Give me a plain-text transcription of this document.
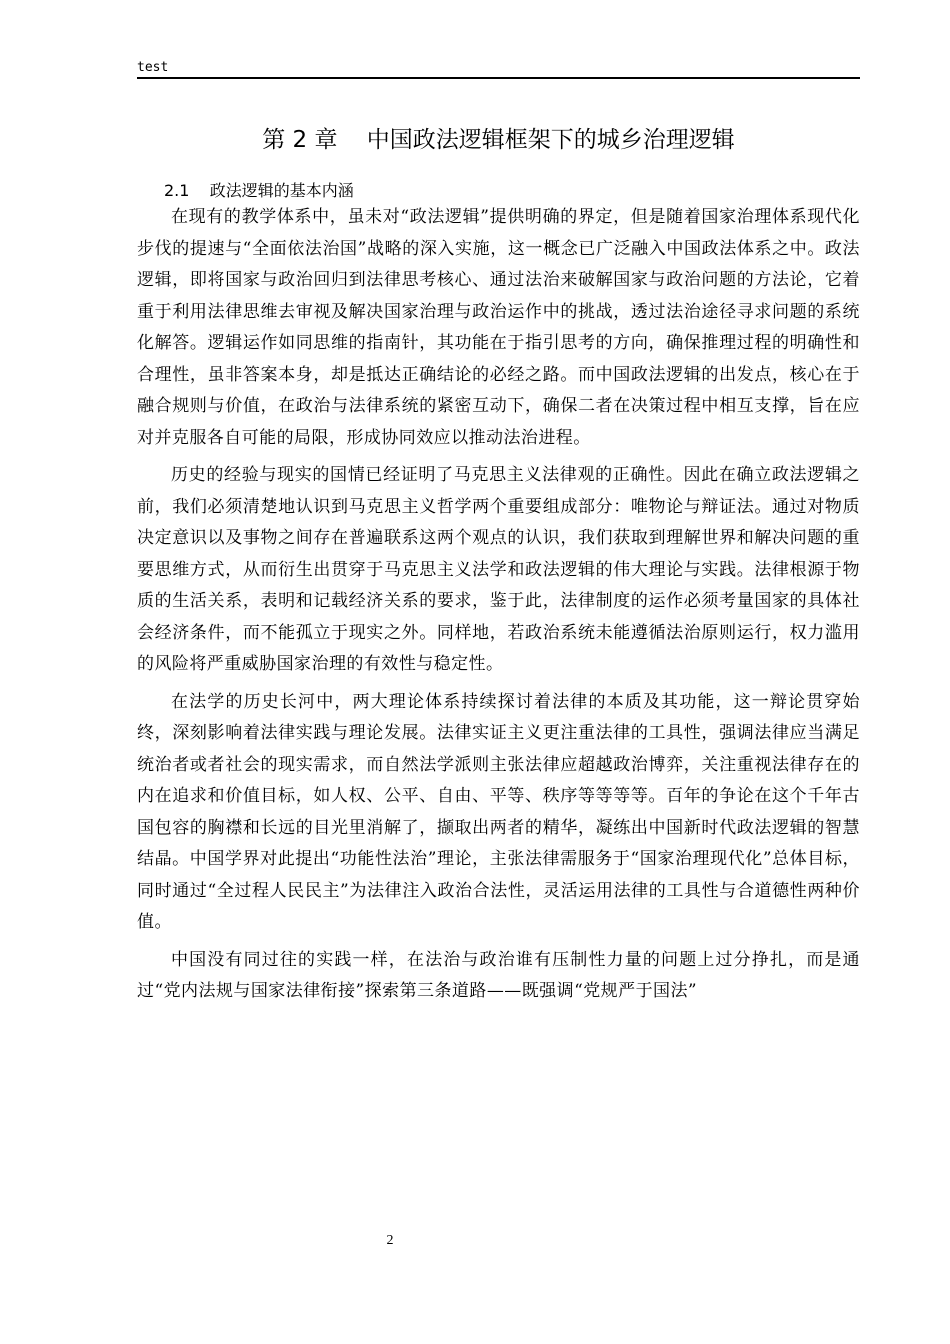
test
第 2 章    中国政法逻辑框架下的城乡治理逻辑
2.1    政法逻辑的基本内涵

在现有的教学体系中，虽未对“政法逻辑”提供明确的界定，但是随着国家治理体系现代化步伐的提速与“全面依法治国”战略的深入实施，这一概念已广泛融入中国政法体系之中。政法逻辑，即将国家与政治回归到法律思考核心、通过法治来破解国家与政治问题的方法论，它着重于利用法律思维去审视及解决国家治理与政治运作中的挑战，透过法治途径寻求问题的系统化解答。逻辑运作如同思维的指南针，其功能在于指引思考的方向，确保推理过程的明确性和合理性，虽非答案本身，却是抵达正确结论的必经之路。而中国政法逻辑的出发点，核心在于融合规则与价值，在政治与法律系统的紧密互动下，确保二者在决策过程中相互支撑，旨在应对并克服各自可能的局限，形成协同效应以推动法治进程。

历史的经验与现实的国情已经证明了马克思主义法律观的正确性。因此在确立政法逻辑之前，我们必须清楚地认识到马克思主义哲学两个重要组成部分：唯物论与辩证法。通过对物质决定意识以及事物之间存在普遍联系这两个观点的认识，我们获取到理解世界和解决问题的重要思维方式，从而衍生出贯穿于马克思主义法学和政法逻辑的伟大理论与实践。法律根源于物质的生活关系，表明和记载经济关系的要求，鉴于此，法律制度的运作必须考量国家的具体社会经济条件，而不能孤立于现实之外。同样地，若政治系统未能遵循法治原则运行，权力滥用的风险将严重威胁国家治理的有效性与稳定性。

在法学的历史长河中，两大理论体系持续探讨着法律的本质及其功能，这一辩论贯穿始终，深刻影响着法律实践与理论发展。法律实证主义更注重法律的工具性，强调法律应当满足统治者或者社会的现实需求，而自然法学派则主张法律应超越政治博弈，关注重视法律存在的内在追求和价值目标，如人权、公平、自由、平等、秩序等等等等。百年的争论在这个千年古国包容的胸襟和长远的目光里消解了，撷取出两者的精华，凝练出中国新时代政法逻辑的智慧结晶。中国学界对此提出“功能性法治”理论，主张法律需服务于“国家治理现代化”总体目标，同时通过“全过程人民民主”为法律注入政治合法性，灵活运用法律的工具性与合道德性两种价值。

中国没有同过往的实践一样，在法治与政治谁有压制性力量的问题上过分挣扎，而是通过“党内法规与国家法律衔接”探索第三条道路——既强调“党规严于国法”

2
